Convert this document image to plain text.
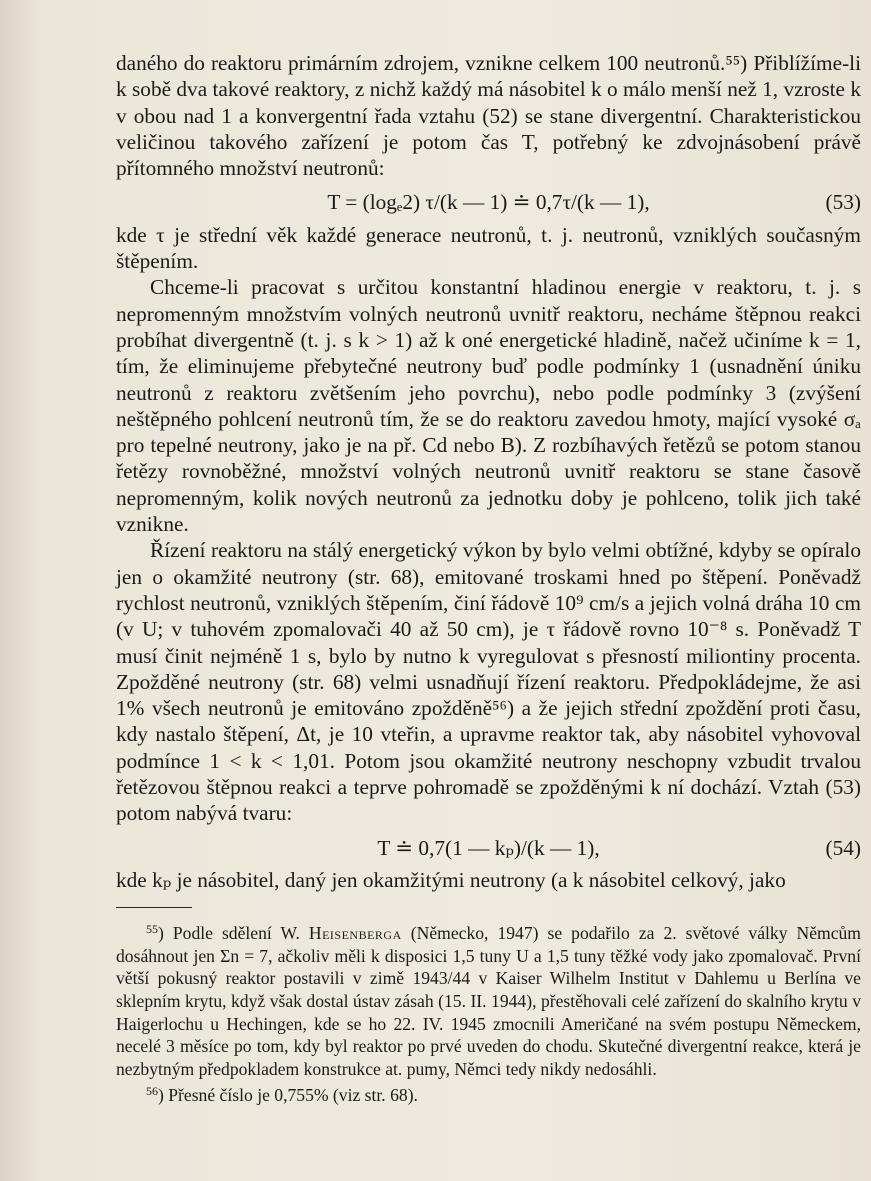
daného do reaktoru primárním zdrojem, vznikne celkem 100 neutronů.⁵⁵) Přiblížíme-li k sobě dva takové reaktory, z nichž každý má násobitel k o málo menší než 1, vzroste k v obou nad 1 a konvergentní řada vztahu (52) se stane divergentní. Charakteristickou veličinou takového zařízení je potom čas T, potřebný ke zdvojnásobení právě přítomného množství neutronů:

T = (logₑ2) τ/(k — 1) ≐ 0,7τ/(k — 1),	(53)

kde τ je střední věk každé generace neutronů, t. j. neutronů, vzniklých současným štěpením.

Chceme-li pracovat s určitou konstantní hladinou energie v reaktoru, t. j. s nepromenným množstvím volných neutronů uvnitř reaktoru, necháme štěpnou reakci probíhat divergentně (t. j. s k > 1) až k oné energetické hladině, načež učiníme k = 1, tím, že eliminujeme přebytečné neutrony buď podle podmínky 1 (usnadnění úniku neutronů z reaktoru zvětšením jeho povrchu), nebo podle podmínky 3 (zvýšení neštěpného pohlcení neutronů tím, že se do reaktoru zavedou hmoty, mající vysoké σₐ pro tepelné neutrony, jako je na př. Cd nebo B). Z rozbíhavých řetězů se potom stanou řetězy rovnoběžné, množství volných neutronů uvnitř reaktoru se stane časově nepromenným, kolik nových neutronů za jednotku doby je pohlceno, tolik jich také vznikne.

Řízení reaktoru na stálý energetický výkon by bylo velmi obtížné, kdyby se opíralo jen o okamžité neutrony (str. 68), emitované troskami hned po štěpení. Poněvadž rychlost neutronů, vzniklých štěpením, činí řádově 10⁹ cm/s a jejich volná dráha 10 cm (v U; v tuhovém zpomalovači 40 až 50 cm), je τ řádově rovno 10⁻⁸ s. Poněvadž T musí činit nejméně 1 s, bylo by nutno k vyregulovat s přesností miliontiny procenta. Zpožděné neutrony (str. 68) velmi usnadňují řízení reaktoru. Předpokládejme, že asi 1% všech neutronů je emitováno zpožděně⁵⁶) a že jejich střední zpoždění proti času, kdy nastalo štěpení, Δt, je 10 vteřin, a upravme reaktor tak, aby násobitel vyhovoval podmínce 1 < k < 1,01. Potom jsou okamžité neutrony neschopny vzbudit trvalou řetězovou štěpnou reakci a teprve pohromadě se zpožděnými k ní dochází. Vztah (53) potom nabývá tvaru:

T ≐ 0,7(1 — kₚ)/(k — 1),	(54)

kde kₚ je násobitel, daný jen okamžitými neutrony (a k násobitel celkový, jako

$^{55}$) Podle sdělení W. Heisenberga (Německo, 1947) se podařilo za 2. světové války Němcům dosáhnout jen Σn = 7, ačkoliv měli k disposici 1,5 tuny U a 1,5 tuny těžké vody jako zpomalovač. První větší pokusný reaktor postavili v zimě 1943/44 v Kaiser Wilhelm Institut v Dahlemu u Berlína ve sklepním krytu, když však dostal ústav zásah (15. II. 1944), přestěhovali celé zařízení do skalního krytu v Haigerlochu u Hechingen, kde se ho 22. IV. 1945 zmocnili Američané na svém postupu Německem, necelé 3 měsíce po tom, kdy byl reaktor po prvé uveden do chodu. Skutečné divergentní reakce, která je nezbytným předpokladem konstrukce at. pumy, Němci tedy nikdy nedosáhli.

$^{56}$) Přesné číslo je 0,755% (viz str. 68).
